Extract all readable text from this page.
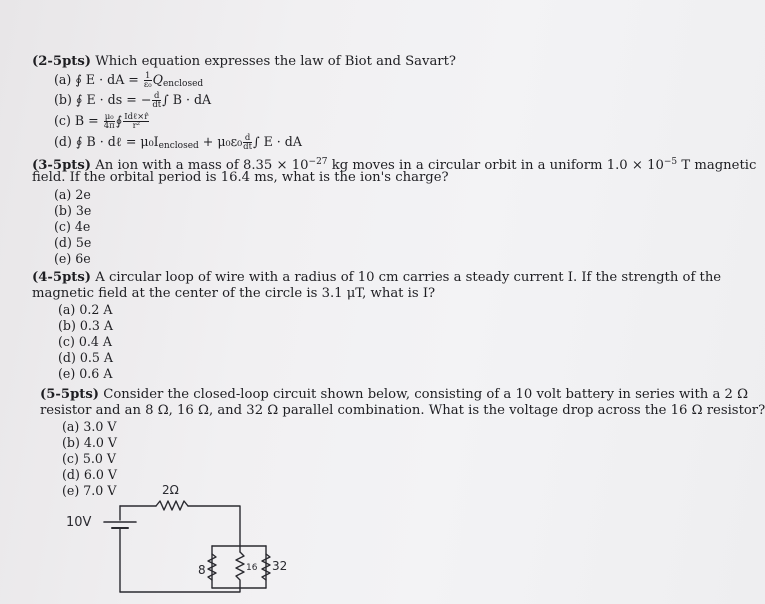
(2-5pts) Which equation expresses the law of Biot and Savart?
(a) ∮ E · dA = $\frac{1}{\text{ε₀}} Q_{enclosed}$
(b) ∮ E · ds = − $\frac{d}{dt}$ ∫ B · dA
(c) $B = \frac{\text{μ₀}}{4\pi}$ ∮ $\frac{\text{Idℓ×r̂}}{\text{r²}}$
(d) ∮ B · dℓ = $\mu_0I_{enclosed} + \mu_0\varepsilon_0 \frac{d}{dt}$ ∫ E · dA
(3-5pts) An ion with a mass of $8.35 \times 10^{-27}$ kg moves in a circular orbit in a uniform $1.0 \times 10^{-5}$ T magnetic
field. If the orbital period is 16.4 ms, what is the ion's charge?
(a) 2e
(b) 3e
(c) 4e
(d) 5e
(e) 6e
(4-5pts) A circular loop of wire with a radius of 10 cm carries a steady current I. If the strength of the
magnetic field at the center of the circle is 3.1 μT, what is I?
(a) 0.2 A
(b) 0.3 A
(c) 0.4 A
(d) 0.5 A
(e) 0.6 A
(5-5pts) Consider the closed-loop circuit shown below, consisting of a 10 volt battery in series with a 2 Ω
resistor and an 8 Ω, 16 Ω, and 32 Ω parallel combination. What is the voltage drop across the 16 Ω resistor?
(a) 3.0 V
(b) 4.0 V
(c) 5.0 V
(d) 6.0 V
(e) 7.0 V	2Ω
10V
8	16 32
